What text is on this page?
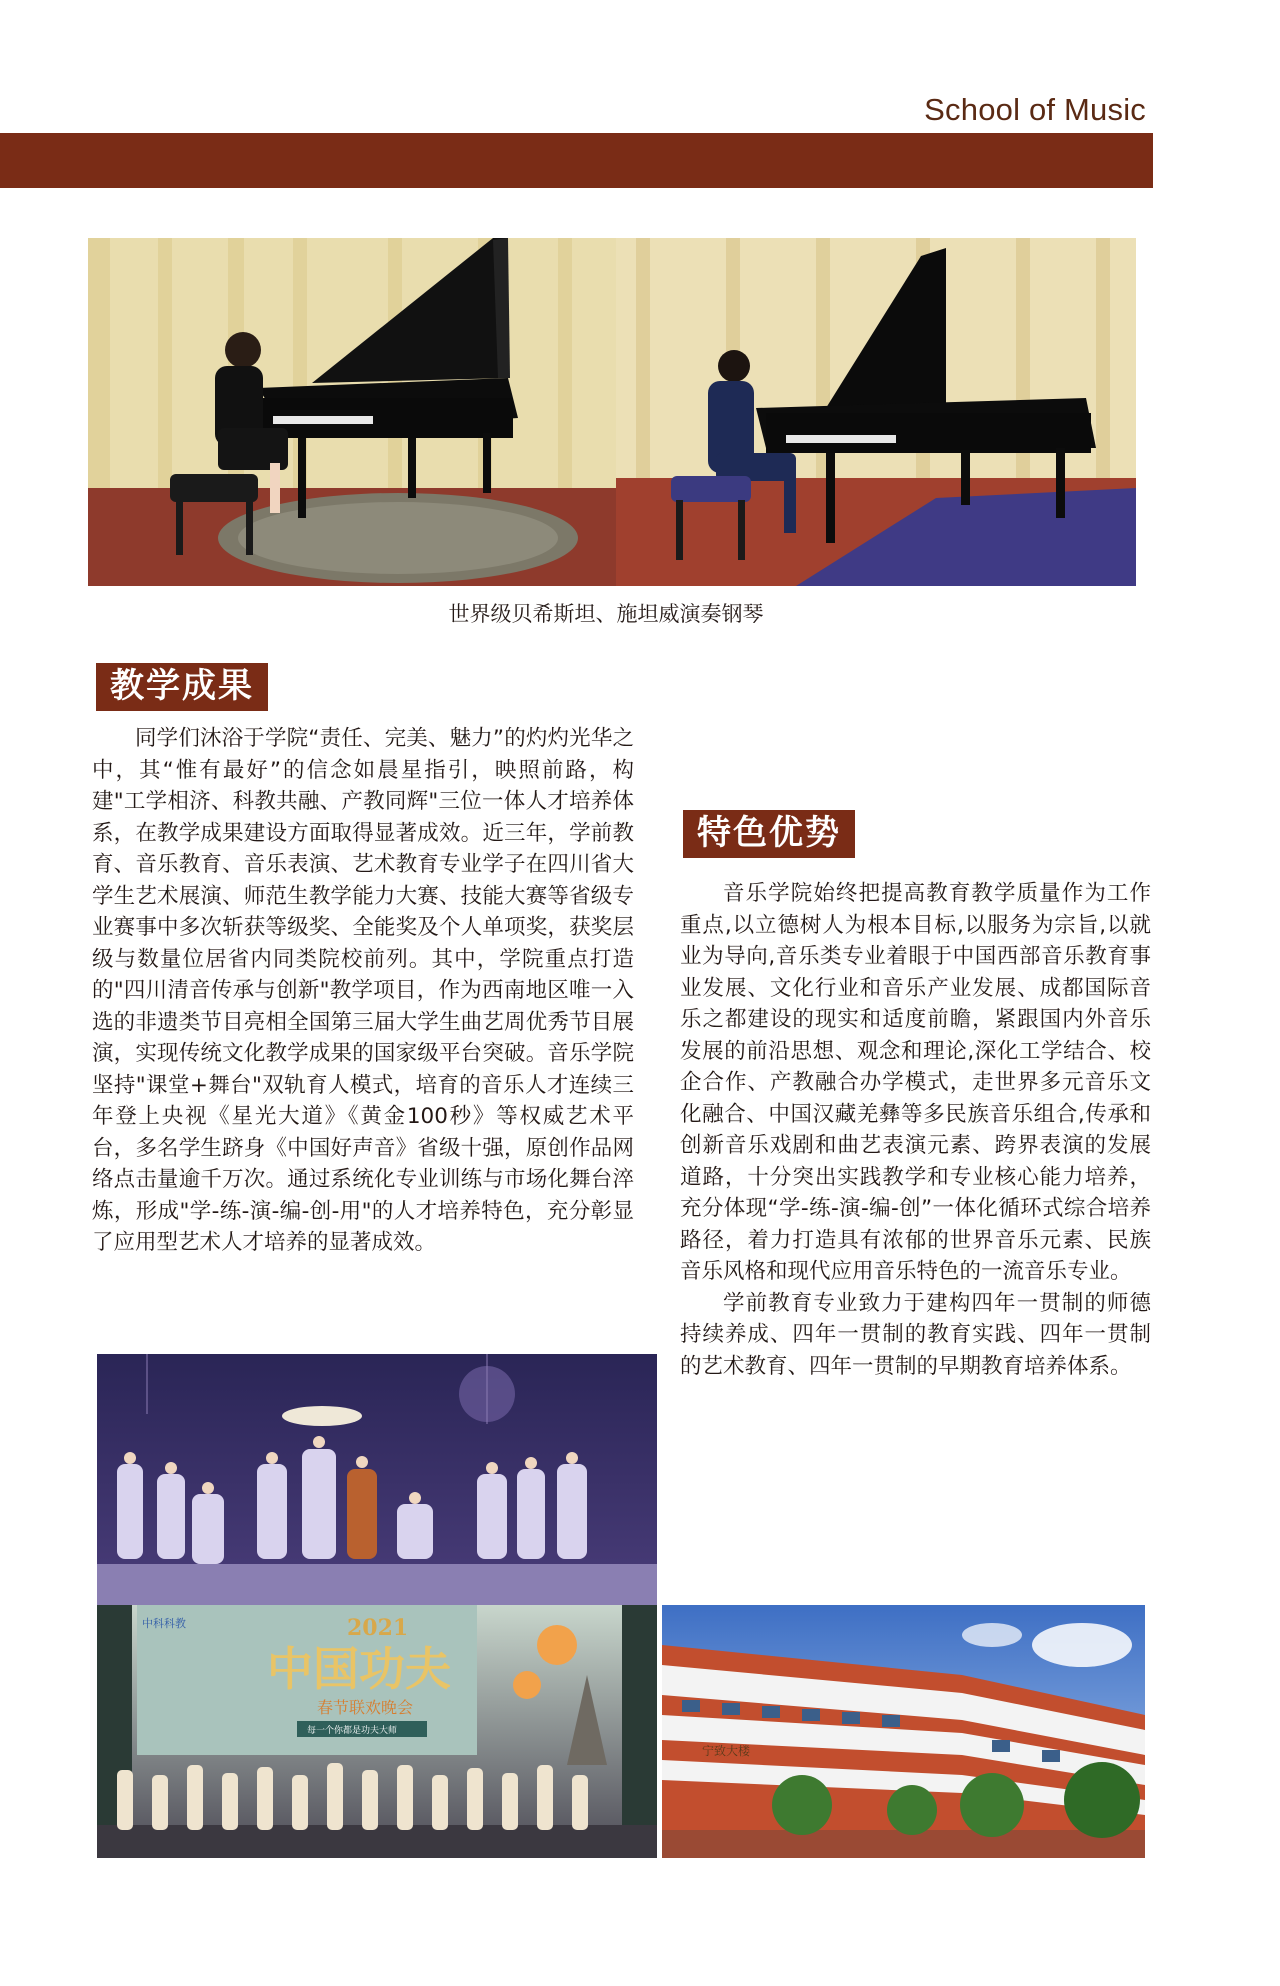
School of Music
世界级贝希斯坦、施坦威演奏钢琴
教学成果

同学们沐浴于学院“责任、完美、魅力”的灼灼光华之中，其“惟有最好”的信念如晨星指引，映照前路，构建"工学相济、科教共融、产教同辉"三位一体人才培养体系，在教学成果建设方面取得显著成效。近三年，学前教育、音乐教育、音乐表演、艺术教育专业学子在四川省大学生艺术展演、师范生教学能力大赛、技能大赛等省级专业赛事中多次斩获等级奖、全能奖及个人单项奖，获奖层级与数量位居省内同类院校前列。其中，学院重点打造的"四川清音传承与创新"教学项目，作为西南地区唯一入选的非遗类节目亮相全国第三届大学生曲艺周优秀节目展演，实现传统文化教学成果的国家级平台突破。音乐学院坚持"课堂+舞台"双轨育人模式，培育的音乐人才连续三年登上央视《星光大道》《黄金100秒》等权威艺术平台，多名学生跻身《中国好声音》省级十强，原创作品网络点击量逾千万次。通过系统化专业训练与市场化舞台淬炼，形成"学-练-演-编-创-用"的人才培养特色，充分彰显了应用型艺术人才培养的显著成效。

特色优势

音乐学院始终把提高教育教学质量作为工作重点,以立德树人为根本目标,以服务为宗旨,以就业为导向,音乐类专业着眼于中国西部音乐教育事业发展、文化行业和音乐产业发展、成都国际音乐之都建设的现实和适度前瞻，紧跟国内外音乐发展的前沿思想、观念和理论,深化工学结合、校企合作、产教融合办学模式，走世界多元音乐文化融合、中国汉藏羌彝等多民族音乐组合,传承和创新音乐戏剧和曲艺表演元素、跨界表演的发展道路，十分突出实践教学和专业核心能力培养，充分体现“学-练-演-编-创”一体化循环式综合培养路径，着力打造具有浓郁的世界音乐元素、民族音乐风格和现代应用音乐特色的一流音乐专业。

学前教育专业致力于建构四年一贯制的师德持续养成、四年一贯制的教育实践、四年一贯制的艺术教育、四年一贯制的早期教育培养体系。

中科科教	2021
中国功夫
春节联欢晚会
每一个你都是功夫大师
宁致大楼
